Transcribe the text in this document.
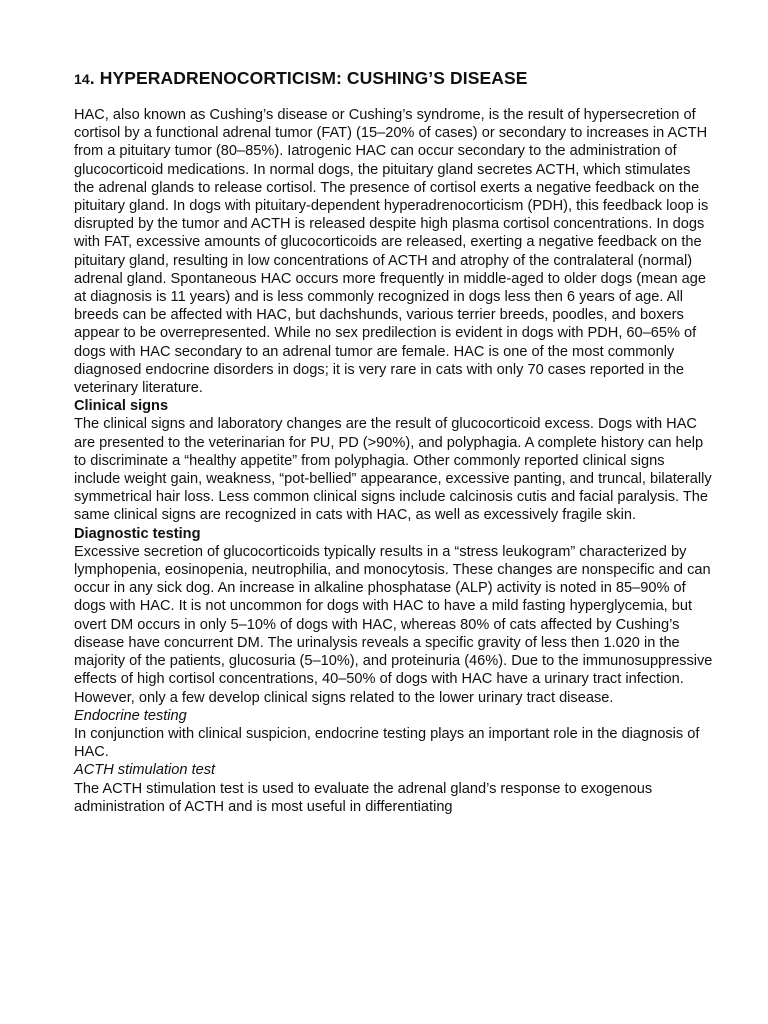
14. HYPERADRENOCORTICISM: CUSHING’S DISEASE

HAC, also known as Cushing’s disease or Cushing’s syndrome, is the result of hypersecretion of cortisol by a functional adrenal tumor (FAT) (15–20% of cases) or secondary to increases in ACTH from a pituitary tumor (80–85%). Iatrogenic HAC can occur secondary to the administration of glucocorticoid medications. In normal dogs, the pituitary gland secretes ACTH, which stimulates the adrenal glands to release cortisol. The presence of cortisol exerts a negative feedback on the pituitary gland. In dogs with pituitary-dependent hyperadrenocorticism (PDH), this feedback loop is disrupted by the tumor and ACTH is released despite high plasma cortisol concentrations. In dogs with FAT, excessive amounts of glucocorticoids are released, exerting a negative feedback on the pituitary gland, resulting in low concentrations of ACTH and atrophy of the contralateral (normal) adrenal gland. Spontaneous HAC occurs more frequently in middle-aged to older dogs (mean age at diagnosis is 11 years) and is less commonly recognized in dogs less then 6 years of age. All breeds can be affected with HAC, but dachshunds, various terrier breeds, poodles, and boxers appear to be overrepresented. While no sex predilection is evident in dogs with PDH, 60–65% of dogs with HAC secondary to an adrenal tumor are female. HAC is one of the most commonly diagnosed endocrine disorders in dogs; it is very rare in cats with only 70 cases reported in the veterinary literature.

Clinical signs

The clinical signs and laboratory changes are the result of glucocorticoid excess. Dogs with HAC are presented to the veterinarian for PU, PD (>90%), and polyphagia. A complete history can help to discriminate a “healthy appetite” from polyphagia. Other commonly reported clinical signs include weight gain, weakness, “pot-bellied” appearance, excessive panting, and truncal, bilaterally symmetrical hair loss. Less common clinical signs include calcinosis cutis and facial paralysis. The same clinical signs are recognized in cats with HAC, as well as excessively fragile skin.

Diagnostic testing

Excessive secretion of glucocorticoids typically results in a “stress leukogram” characterized by lymphopenia, eosinopenia, neutrophilia, and monocytosis. These changes are nonspecific and can occur in any sick dog. An increase in alkaline phosphatase (ALP) activity is noted in 85–90% of dogs with HAC. It is not uncommon for dogs with HAC to have a mild fasting hyperglycemia, but overt DM occurs in only 5–10% of dogs with HAC, whereas 80% of cats affected by Cushing’s disease have concurrent DM. The urinalysis reveals a specific gravity of less then 1.020 in the majority of the patients, glucosuria (5–10%), and proteinuria (46%). Due to the immunosuppressive effects of high cortisol concentrations, 40–50% of dogs with HAC have a urinary tract infection. However, only a few develop clinical signs related to the lower urinary tract disease.

Endocrine testing

In conjunction with clinical suspicion, endocrine testing plays an important role in the diagnosis of HAC.

ACTH stimulation test

The ACTH stimulation test is used to evaluate the adrenal gland’s response to exogenous administration of ACTH and is most useful in differentiating
